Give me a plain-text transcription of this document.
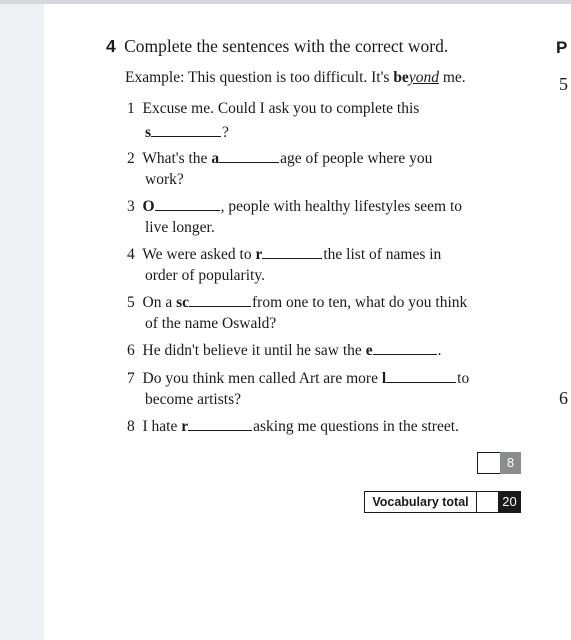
4 Complete the sentences with the correct word.
Example: This question is too difficult. It's beyond me.
1 Excuse me. Could I ask you to complete this
s	?
2 What's the a	age of people where you
work?
3 O	, people with healthy lifestyles seem to
live longer.
4 We were asked to r	the list of names in
order of popularity.
5 On a sc	from one to ten, what do you think
of the name Oswald?
6 He didn't believe it until he saw the e	.
7 Do you think men called Art are more l	to
become artists?
8 I hate r	asking me questions in the street.
P
5
6
8
Vocabulary total	20
